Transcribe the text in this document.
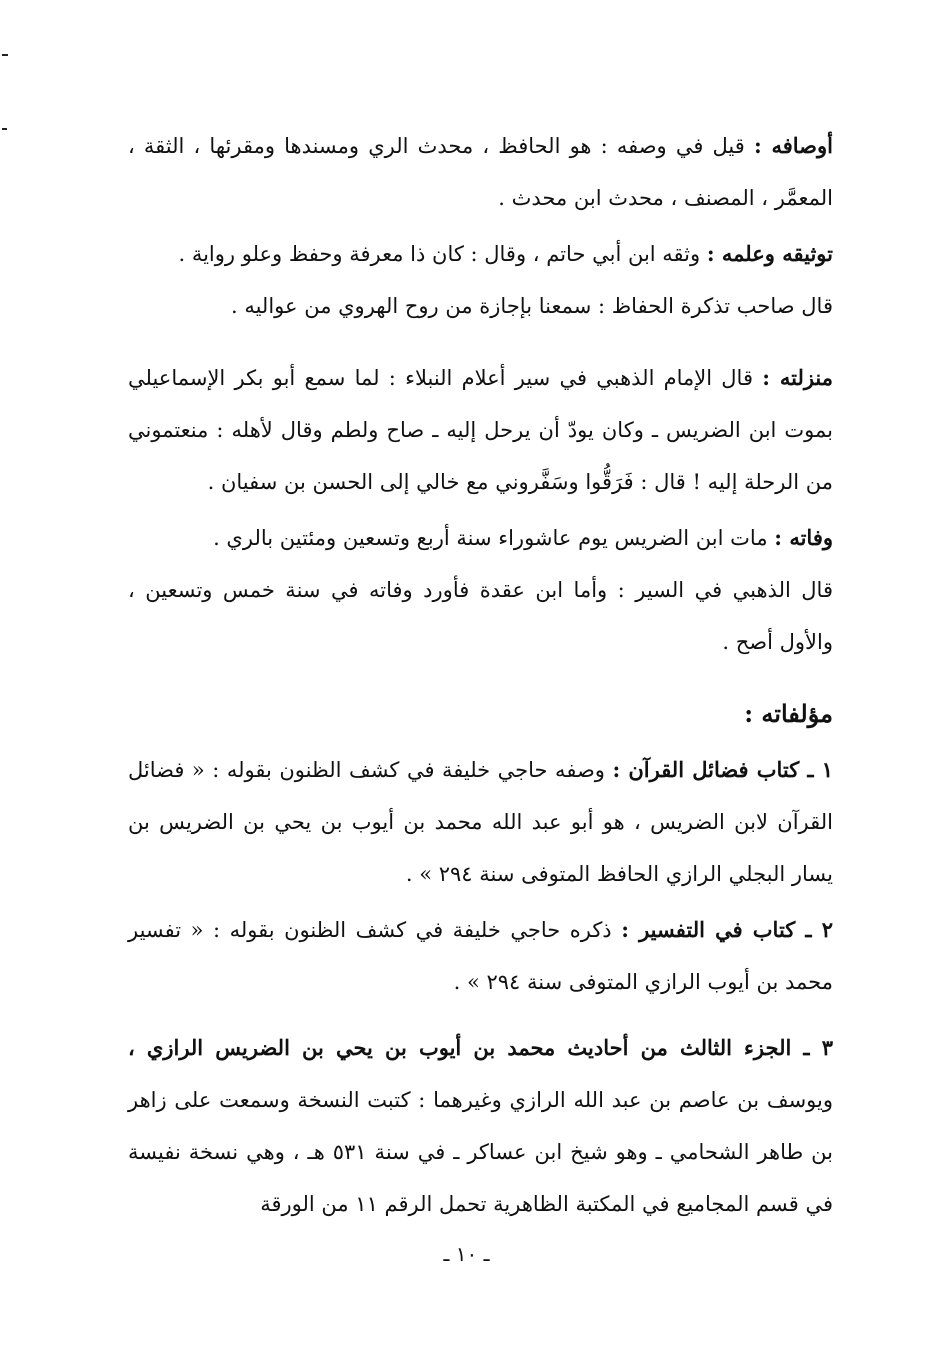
أوصافه : قيل في وصفه : هو الحافظ ، محدث الري ومسندها ومقرئها ، الثقة ، المعمَّر ، المصنف ، محدث ابن محدث .

توثيقه وعلمه : وثقه ابن أبي حاتم ، وقال : كان ذا معرفة وحفظ وعلو رواية .

قال صاحب تذكرة الحفاظ : سمعنا بإجازة من روح الهروي من عواليه .

منزلته : قال الإمام الذهبي في سير أعلام النبلاء : لما سمع أبو بكر الإسماعيلي بموت ابن الضريس ـ وكان يودّ أن يرحل إليه ـ صاح ولطم وقال لأهله : منعتموني من الرحلة إليه ! قال : فَرَقُّوا وسَفَّروني مع خالي إلى الحسن بن سفيان .

وفاته : مات ابن الضريس يوم عاشوراء سنة أربع وتسعين ومئتين بالري .

قال الذهبي في السير : وأما ابن عقدة فأورد وفاته في سنة خمس وتسعين ، والأول أصح .

مؤلفاته :

١ ـ كتاب فضائل القرآن : وصفه حاجي خليفة في كشف الظنون بقوله : « فضائل القرآن لابن الضريس ، هو أبو عبد الله محمد بن أيوب بن يحي بن الضريس بن يسار البجلي الرازي الحافظ المتوفى سنة ٢٩٤ » .

٢ ـ كتاب في التفسير : ذكره حاجي خليفة في كشف الظنون بقوله : « تفسير محمد بن أيوب الرازي المتوفى سنة ٢٩٤ » .

٣ ـ الجزء الثالث من أحاديث محمد بن أيوب بن يحي بن الضريس الرازي ، ويوسف بن عاصم بن عبد الله الرازي وغيرهما : كتبت النسخة وسمعت على زاهر بن طاهر الشحامي ـ وهو شيخ ابن عساكر ـ في سنة ٥٣١ هـ ، وهي نسخة نفيسة في قسم المجاميع في المكتبة الظاهرية تحمل الرقم ١١ من الورقة

ـ ١٠ ـ
